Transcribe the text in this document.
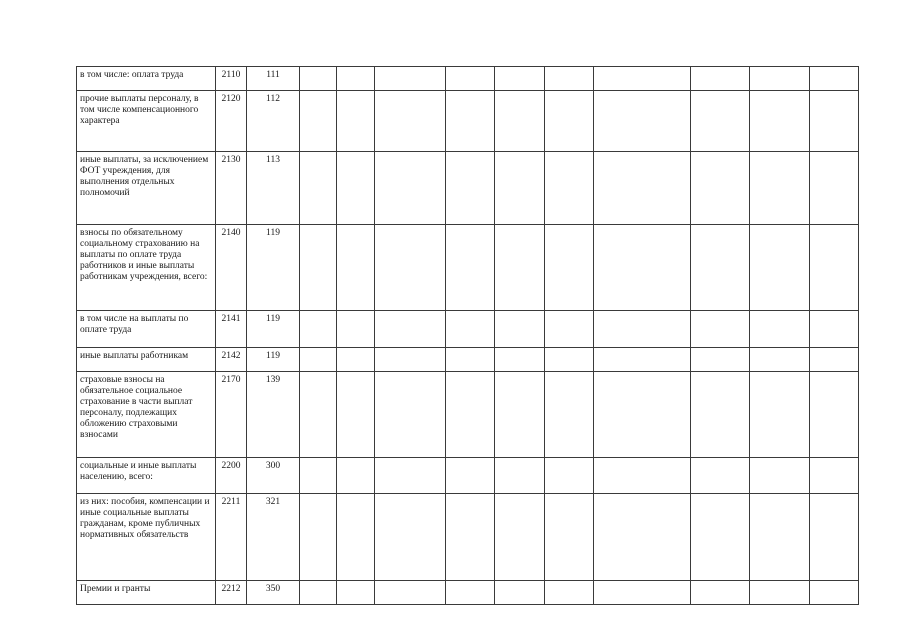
в том числе: оплата труда	2110	111										
прочие выплаты персоналу, в том числе компенсационного характера	2120	112										
иные выплаты, за исключением ФОТ учреждения, для выполнения отдельных полномочий	2130	113										
взносы по обязательному социальному страхованию на выплаты по оплате труда работников и иные выплаты работникам учреждения, всего:	2140	119										
в том числе на выплаты по оплате труда	2141	119										
иные выплаты работникам	2142	119										
страховые взносы на обязательное социальное страхование в части выплат персоналу, подлежащих обложению страховыми взносами	2170	139										
социальные и иные выплаты населению, всего:	2200	300										
из них: пособия, компенсации и иные социальные выплаты гражданам, кроме публичных нормативных обязательств	2211	321										
Премии и гранты	2212	350										
